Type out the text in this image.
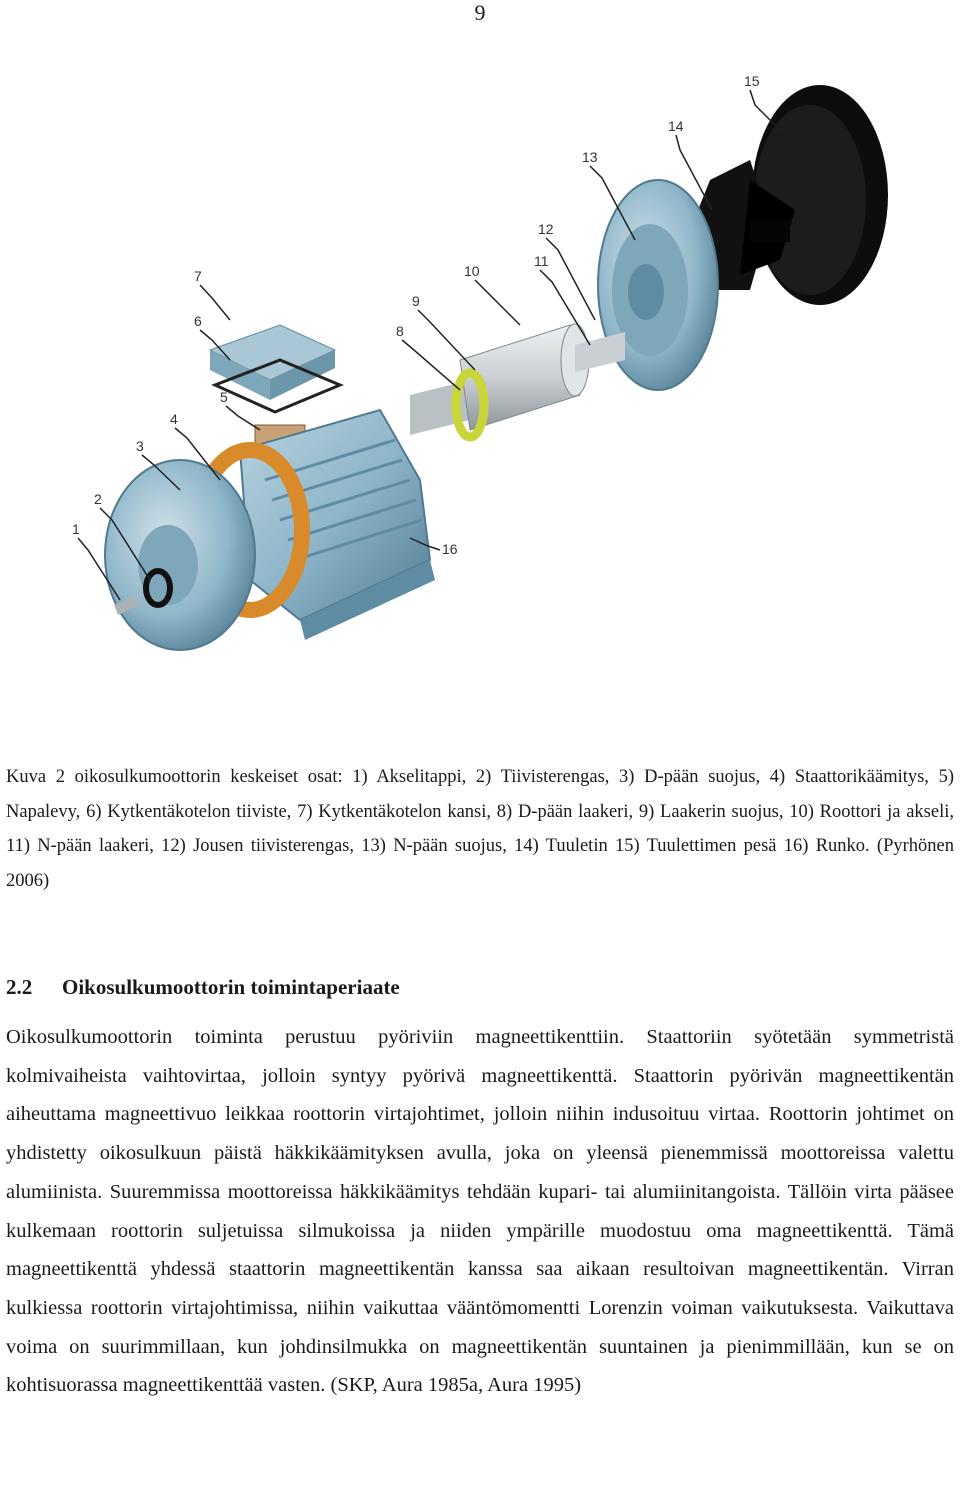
9
1
2
3
4
5
6
7
8
9
10
11
12
13
14
15
16
Kuva 2 oikosulkumoottorin keskeiset osat: 1) Akselitappi, 2) Tiivisterengas, 3) D-pään suojus, 4) Staattorikäämitys, 5) Napalevy, 6) Kytkentäkotelon tiiviste, 7) Kytkentäkotelon kansi, 8) D-pään laakeri, 9) Laakerin suojus, 10) Roottori ja akseli, 11) N-pään laakeri, 12) Jousen tiivisterengas, 13) N-pään suojus, 14) Tuuletin 15) Tuulettimen pesä 16) Runko. (Pyrhönen 2006)
2.2 Oikosulkumoottorin toimintaperiaate
Oikosulkumoottorin toiminta perustuu pyöriviin magneettikenttiin. Staattoriin syötetään symmetristä kolmivaiheista vaihtovirtaa, jolloin syntyy pyörivä magneettikenttä. Staattorin pyörivän magneettikentän aiheuttama magneettivuo leikkaa roottorin virtajohtimet, jolloin niihin indusoituu virtaa. Roottorin johtimet on yhdistetty oikosulkuun päistä häkkikäämityksen avulla, joka on yleensä pienemmissä moottoreissa valettu alumiinista. Suuremmissa moottoreissa häkkikäämitys tehdään kupari- tai alumiinitangoista. Tällöin virta pääsee kulkemaan roottorin suljetuissa silmukoissa ja niiden ympärille muodostuu oma magneettikenttä. Tämä magneettikenttä yhdessä staattorin magneettikentän kanssa saa aikaan resultoivan magneettikentän. Virran kulkiessa roottorin virtajohtimissa, niihin vaikuttaa vääntömomentti Lorenzin voiman vaikutuksesta. Vaikuttava voima on suurimmillaan, kun johdinsilmukka on magneettikentän suuntainen ja pienimmillään, kun se on kohtisuorassa magneettikenttää vasten. (SKP, Aura 1985a, Aura 1995)
